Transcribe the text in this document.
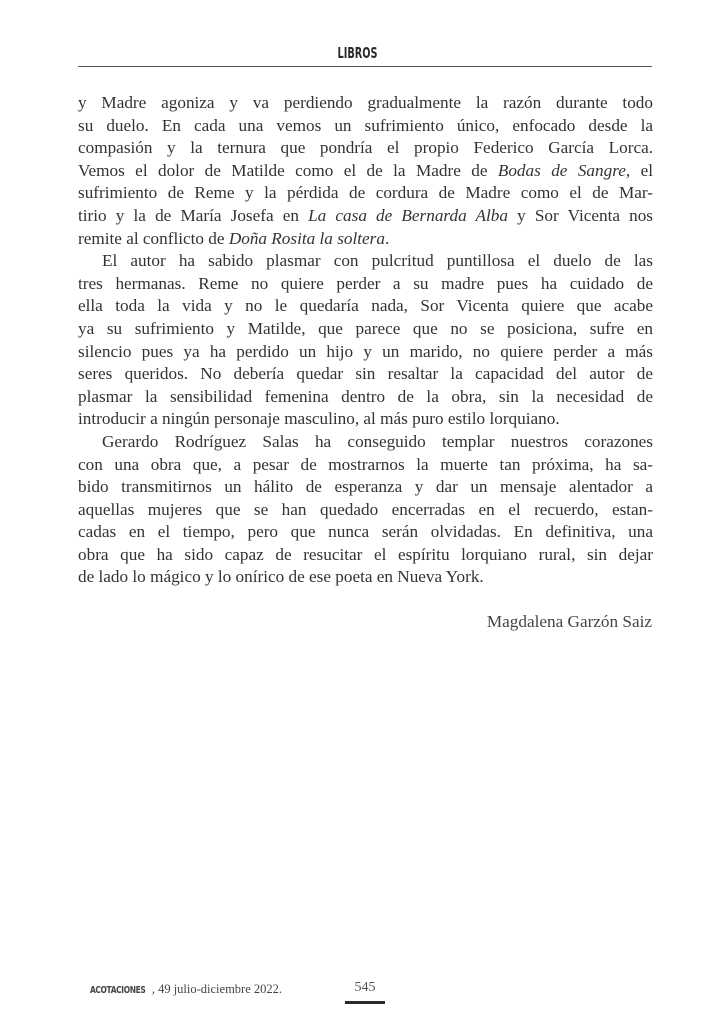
LIBROS

y Madre agoniza y va perdiendo gradualmente la razón durante todo
su duelo. En cada una vemos un sufrimiento único, enfocado desde la
compasión y la ternura que pondría el propio Federico García Lorca.
Vemos el dolor de Matilde como el de la Madre de Bodas de Sangre, el
sufrimiento de Reme y la pérdida de cordura de Madre como el de Mar-
tirio y la de María Josefa en La casa de Bernarda Alba y Sor Vicenta nos
remite al conflicto de Doña Rosita la soltera.

El autor ha sabido plasmar con pulcritud puntillosa el duelo de las
tres hermanas. Reme no quiere perder a su madre pues ha cuidado de
ella toda la vida y no le quedaría nada, Sor Vicenta quiere que acabe
ya su sufrimiento y Matilde, que parece que no se posiciona, sufre en
silencio pues ya ha perdido un hijo y un marido, no quiere perder a más
seres queridos. No debería quedar sin resaltar la capacidad del autor de
plasmar la sensibilidad femenina dentro de la obra, sin la necesidad de
introducir a ningún personaje masculino, al más puro estilo lorquiano.

Gerardo Rodríguez Salas ha conseguido templar nuestros corazones
con una obra que, a pesar de mostrarnos la muerte tan próxima, ha sa-
bido transmitirnos un hálito de esperanza y dar un mensaje alentador a
aquellas mujeres que se han quedado encerradas en el recuerdo, estan-
cadas en el tiempo, pero que nunca serán olvidadas. En definitiva, una
obra que ha sido capaz de resucitar el espíritu lorquiano rural, sin dejar
de lado lo mágico y lo onírico de ese poeta en Nueva York.

Magdalena Garzón Saiz
ACOTACIONES , 49 julio-diciembre 2022.	545
